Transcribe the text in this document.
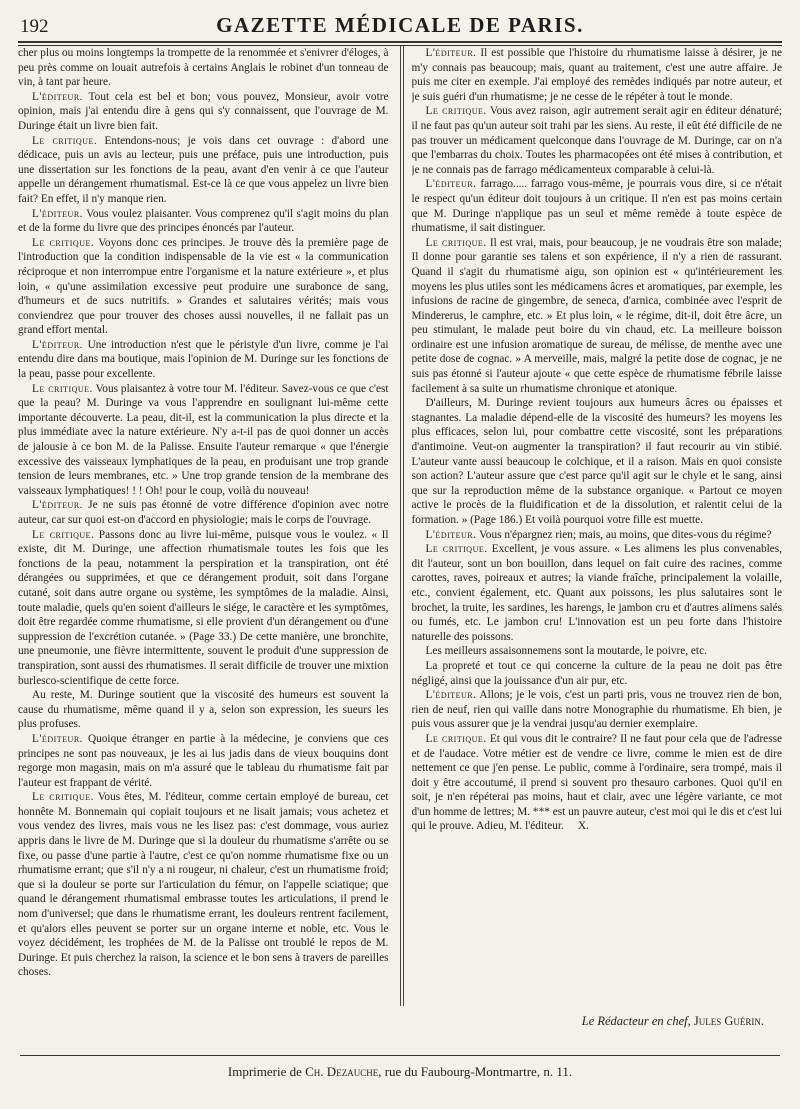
192	GAZETTE MÉDICALE DE PARIS.

cher plus ou moins longtemps la trompette de la renommée et s'enivrer d'éloges, à peu près comme on louait autrefois à certains Anglais le robinet d'un tonneau de vin, à tant par heure.

L'éditeur. Tout cela est bel et bon; vous pouvez, Monsieur, avoir votre opinion, mais j'ai entendu dire à gens qui s'y connaissent, que l'ouvrage de M. Duringe était un livre bien fait.

Le critique. Entendons-nous; je vois dans cet ouvrage : d'abord une dédicace, puis un avis au lecteur, puis une préface, puis une introduction, puis une dissertation sur les fonctions de la peau, avant d'en venir à ce que l'auteur appelle un dérangement rhumatismal. Est-ce là ce que vous appelez un livre bien fait? En effet, il n'y manque rien.

L'éditeur. Vous voulez plaisanter. Vous comprenez qu'il s'agit moins du plan et de la forme du livre que des principes énoncés par l'auteur.

Le critique. Voyons donc ces principes. Je trouve dès la première page de l'introduction que la condition indispensable de la vie est « la communication réciproque et non interrompue entre l'organisme et la nature extérieure », et plus loin, « qu'une assimilation excessive peut produire une surabonce de sang, d'humeurs et de sucs nutritifs. » Grandes et salutaires vérités; mais vous conviendrez que pour trouver des choses aussi nouvelles, il ne fallait pas un grand effort mental.

L'éditeur. Une introduction n'est que le péristyle d'un livre, comme je l'ai entendu dire dans ma boutique, mais l'opinion de M. Duringe sur les fonctions de la peau, passe pour excellente.

Le critique. Vous plaisantez à votre tour M. l'éditeur. Savez-vous ce que c'est que la peau? M. Duringe va vous l'apprendre en soulignant lui-même cette importante découverte. La peau, dit-il, est la communication la plus directe et la plus immédiate avec la nature extérieure. N'y a-t-il pas de quoi donner un accès de jalousie à ce bon M. de la Palisse. Ensuite l'auteur remarque « que l'énergie excessive des vaisseaux lymphatiques de la peau, en produisant une trop grande tension de leurs membranes, etc. » Une trop grande tension de la membrane des vaisseaux lymphatiques! ! ! Oh! pour le coup, voilà du nouveau!

L'éditeur. Je ne suis pas étonné de votre différence d'opinion avec notre auteur, car sur quoi est-on d'accord en physiologie; mais le corps de l'ouvrage.

Le critique. Passons donc au livre lui-même, puisque vous le voulez. « Il existe, dit M. Duringe, une affection rhumatismale toutes les fois que les fonctions de la peau, notamment la perspiration et la transpiration, ont été dérangées ou supprimées, et que ce dérangement produit, soit dans l'organe cutané, soit dans autre organe ou système, les symptômes de la maladie. Ainsi, toute maladie, quels qu'en soient d'ailleurs le siége, le caractère et les symptômes, doit être regardée comme rhumatisme, si elle provient d'un dérangement ou d'une suppression de l'excrétion cutanée. » (Page 33.) De cette manière, une bronchite, une pneumonie, une fièvre intermittente, souvent le produit d'une suppression de transpiration, sont aussi des rhumatismes. Il serait difficile de trouver une mixtion burlesco-scientifique de cette force.

Au reste, M. Duringe soutient que la viscosité des humeurs est souvent la cause du rhumatisme, même quand il y a, selon son expression, les sueurs les plus profuses.

L'éditeur. Quoique étranger en partie à la médecine, je conviens que ces principes ne sont pas nouveaux, je les ai lus jadis dans de vieux bouquins dont regorge mon magasin, mais on m'a assuré que le tableau du rhumatisme fait par l'auteur est frappant de vérité.

Le critique. Vous êtes, M. l'éditeur, comme certain employé de bureau, cet honnête M. Bonnemain qui copiait toujours et ne lisait jamais; vous achetez et vous vendez des livres, mais vous ne les lisez pas: c'est dommage, vous auriez appris dans le livre de M. Duringe que si la douleur du rhumatisme s'arrête ou se fixe, ou passe d'une partie à l'autre, c'est ce qu'on nomme rhumatisme fixe ou un rhumatisme errant; que s'il n'y a ni rougeur, ni chaleur, c'est un rhumatisme froid; que si la douleur se porte sur l'articulation du fémur, on l'appelle sciatique; que quand le dérangement rhumatismal embrasse toutes les articulations, il prend le nom d'universel; que dans le rhumatisme errant, les douleurs rentrent facilement, et qu'alors elles peuvent se porter sur un organe interne et noble, etc. Vous le voyez décidément, les trophées de M. de la Palisse ont troublé le repos de M. Duringe. Et puis cherchez la raison, la science et le bon sens à travers de pareilles choses.

L'éditeur. Il est possible que l'histoire du rhumatisme laisse à désirer, je ne m'y connais pas beaucoup; mais, quant au traitement, c'est une autre affaire. Je puis me citer en exemple. J'ai employé des remèdes indiqués par notre auteur, et je suis guéri d'un rhumatisme; je ne cesse de le répéter à tout le monde.

Le critique. Vous avez raison, agir autrement serait agir en éditeur dénaturé; il ne faut pas qu'un auteur soit trahi par les siens. Au reste, il eût été difficile de ne pas trouver un médicament quelconque dans l'ouvrage de M. Duringe, car on n'a que l'embarras du choix. Toutes les pharmacopées ont été mises à contribution, et je ne connais pas de farrago médicamenteux comparable à celui-là.

L'éditeur. farrago..... farrago vous-même, je pourrais vous dire, si ce n'était le respect qu'un éditeur doit toujours à un critique. Il n'en est pas moins certain que M. Duringe n'applique pas un seul et même remède à toute espèce de rhumatisme, il sait distinguer.

Le critique. Il est vrai, mais, pour beaucoup, je ne voudrais être son malade; Il donne pour garantie ses talens et son expérience, il n'y a rien de rassurant. Quand il s'agit du rhumatisme aigu, son opinion est « qu'intérieurement les moyens les plus utiles sont les médicamens âcres et aromatiques, par exemple, les infusions de racine de gingembre, de seneca, d'arnica, combinée avec l'esprit de Mindererus, le camphre, etc. » Et plus loin, « le régime, dit-il, doit être âcre, un peu stimulant, le malade peut boire du vin chaud, etc. La meilleure boisson ordinaire est une infusion aromatique de sureau, de mélisse, de menthe avec une petite dose de cognac. » A merveille, mais, malgré la petite dose de cognac, je ne suis pas étonné si l'auteur ajoute « que cette espèce de rhumatisme fébrile laisse facilement à sa suite un rhumatisme chronique et atonique.

D'ailleurs, M. Duringe revient toujours aux humeurs âcres ou épaisses et stagnantes. La maladie dépend-elle de la viscosité des humeurs? les moyens les plus efficaces, selon lui, pour combattre cette viscosité, sont les préparations d'antimoine. Veut-on augmenter la transpiration? il faut recourir au vin stibié. L'auteur vante aussi beaucoup le colchique, et il a raison. Mais en quoi consiste son action? L'auteur assure que c'est parce qu'il agit sur le chyle et le sang, ainsi que sur la reproduction même de la substance organique. « Partout ce moyen active le procès de la fluidification et de la dissolution, et ralentit celui de la formation. » (Page 186.) Et voilà pourquoi votre fille est muette.

L'éditeur. Vous n'épargnez rien; mais, au moins, que dites-vous du régime?

Le critique. Excellent, je vous assure. « Les alimens les plus convenables, dit l'auteur, sont un bon bouillon, dans lequel on fait cuire des racines, comme carottes, raves, poireaux et autres; la viande fraîche, principalement la volaille, etc., convient également, etc. Quant aux poissons, les plus salutaires sont le brochet, la truite, les sardines, les harengs, le jambon cru et d'autres alimens salés ou fumés, etc. Le jambon cru! L'innovation est un peu forte dans l'histoire naturelle des poissons.

Les meilleurs assaisonnemens sont la moutarde, le poivre, etc.

La propreté et tout ce qui concerne la culture de la peau ne doit pas être négligé, ainsi que la jouissance d'un air pur, etc.

L'éditeur. Allons; je le vois, c'est un parti pris, vous ne trouvez rien de bon, rien de neuf, rien qui vaille dans notre Monographie du rhumatisme. Eh bien, je puis vous assurer que je la vendrai jusqu'au dernier exemplaire.

Le critique. Et qui vous dit le contraire? Il ne faut pour cela que de l'adresse et de l'audace. Votre métier est de vendre ce livre, comme le mien est de dire nettement ce que j'en pense. Le public, comme à l'ordinaire, sera trompé, mais il doit y être accoutumé, il prend si souvent pro thesauro carbones. Quoi qu'il en soit, je n'en répéterai pas moins, haut et clair, avec une légère variante, ce mot d'un homme de lettres; M. *** est un pauvre auteur, c'est moi qui le dis et c'est lui qui le prouve. Adieu, M. l'éditeur. X.

Le Rédacteur en chef, Jules Guérin.
Imprimerie de Ch. Dezauche, rue du Faubourg-Montmartre, n. 11.
